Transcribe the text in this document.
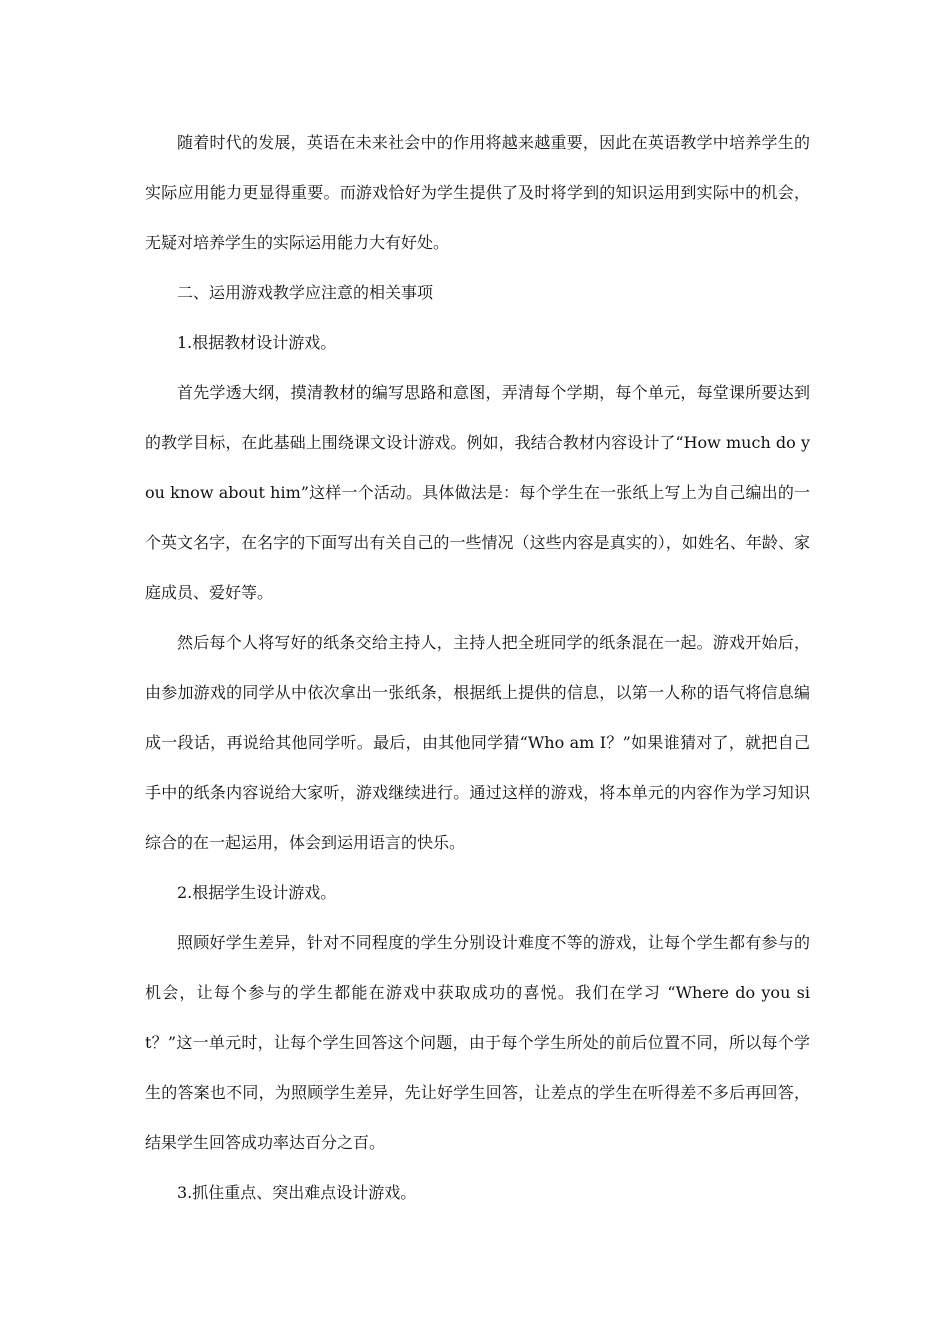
随着时代的发展，英语在未来社会中的作用将越来越重要，因此在英语教学中培养学生的实际应用能力更显得重要。而游戏恰好为学生提供了及时将学到的知识运用到实际中的机会，无疑对培养学生的实际运用能力大有好处。

二、运用游戏教学应注意的相关事项

1.根据教材设计游戏。

首先学透大纲，摸清教材的编写思路和意图，弄清每个学期，每个单元，每堂课所要达到的教学目标，在此基础上围绕课文设计游戏。例如，我结合教材内容设计了“How much do you know about him”这样一个活动。具体做法是：每个学生在一张纸上写上为自己编出的一个英文名字，在名字的下面写出有关自己的一些情况（这些内容是真实的），如姓名、年龄、家庭成员、爱好等。

然后每个人将写好的纸条交给主持人，主持人把全班同学的纸条混在一起。游戏开始后，由参加游戏的同学从中依次拿出一张纸条，根据纸上提供的信息，以第一人称的语气将信息编成一段话，再说给其他同学听。最后，由其他同学猜“Who am I？”如果谁猜对了，就把自己手中的纸条内容说给大家听，游戏继续进行。通过这样的游戏，将本单元的内容作为学习知识综合的在一起运用，体会到运用语言的快乐。

2.根据学生设计游戏。

照顾好学生差异，针对不同程度的学生分别设计难度不等的游戏，让每个学生都有参与的机会，让每个参与的学生都能在游戏中获取成功的喜悦。我们在学习 “Where do you sit？”这一单元时，让每个学生回答这个问题，由于每个学生所处的前后位置不同，所以每个学生的答案也不同，为照顾学生差异，先让好学生回答，让差点的学生在听得差不多后再回答，结果学生回答成功率达百分之百。

3.抓住重点、突出难点设计游戏。
